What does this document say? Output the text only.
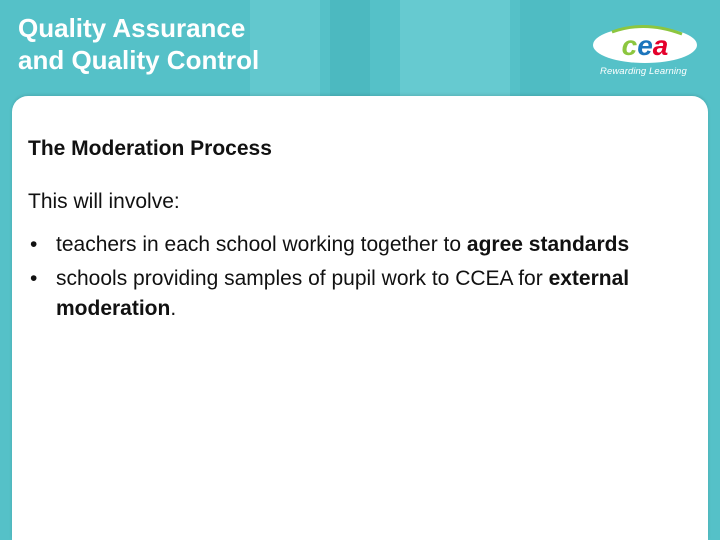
Quality Assurance
and Quality Control	cea
Rewarding Learning
The Moderation Process
This will involve:
• teachers in each school working together to agree standards
• schools providing samples of pupil work to CCEA for external moderation.
